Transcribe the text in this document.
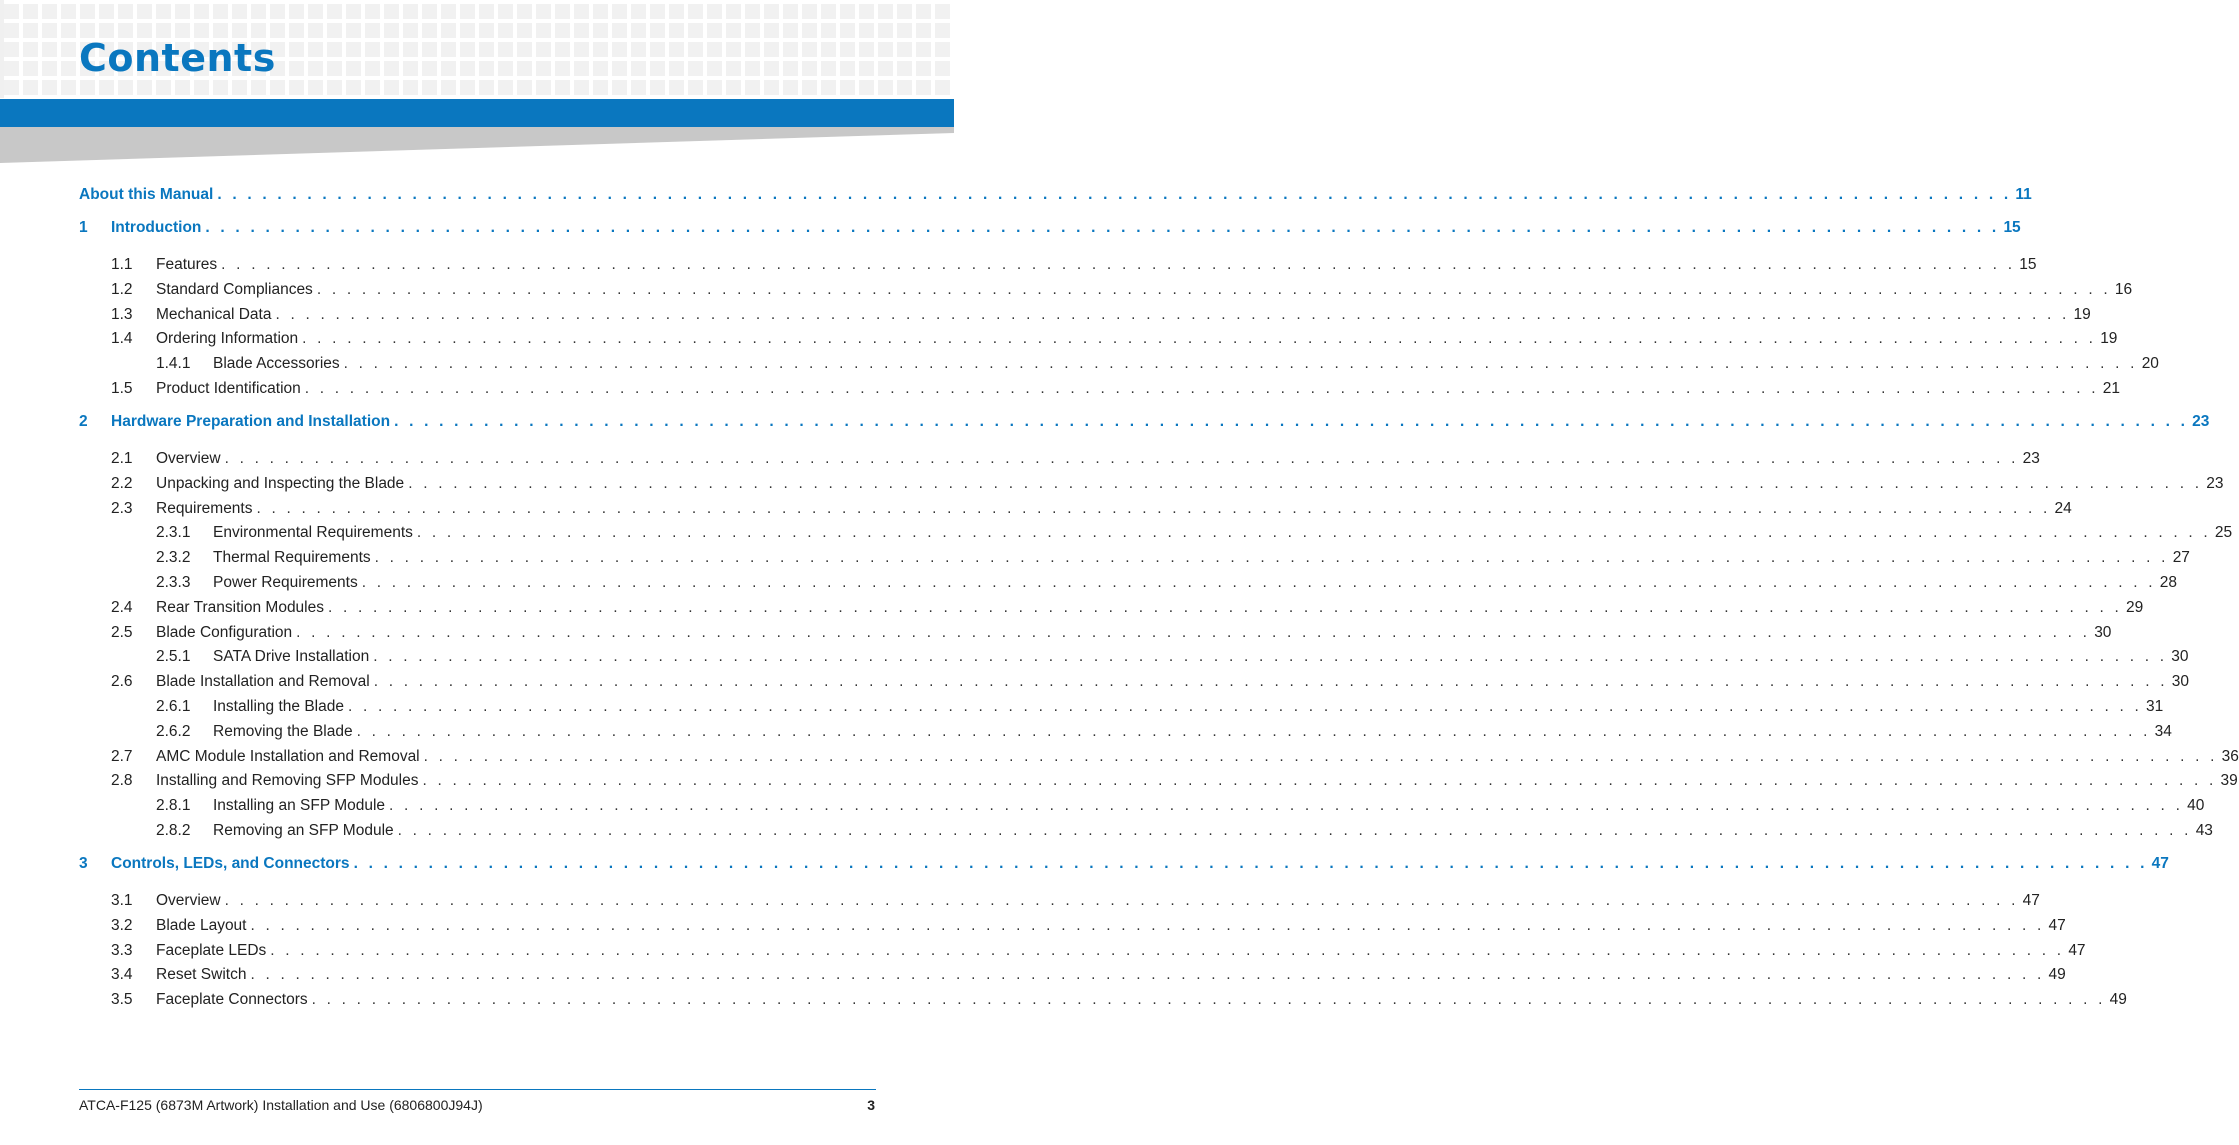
Contents
About this Manual . . . . . . . . . . . . . . . . . . . . . . . . . . . . . . . . . . . . . . . . . . . . . . . . . . . . . . . . . . . . . . . . . . . . . . . . . . . . . . . . . . . . . . . . . . . . . . . . . . . . . . . . . . . . . . . . . . . . . . . . 11
1 Introduction . . . . . . . . . . . . . . . . . . . . . . . . . . . . . . . . . . . . . . . . . . . . . . . . . . . . . . . . . . . . . . . . . . . . . . . . . . . . . . . . . . . . . . . . . . . . . . . . . . . . . . . . . . . . . . . . . . . . . . . . 15
1.1 Features . . . . . . . . . . . . . . . . . . . . . . . . . . . . . . . . . . . . . . . . . . . . . . . . . . . . . . . . . . . . . . . . . . . . . . . . . . . . . . . . . . . . . . . . . . . . . . . . . . . . . . . . . . . . . . . . . . . . . . . . 15
1.2 Standard Compliances . . . . . . . . . . . . . . . . . . . . . . . . . . . . . . . . . . . . . . . . . . . . . . . . . . . . . . . . . . . . . . . . . . . . . . . . . . . . . . . . . . . . . . . . . . . . . . . . . . . . . . . . . . . . . . . . . . . . . . . . 16
1.3 Mechanical Data . . . . . . . . . . . . . . . . . . . . . . . . . . . . . . . . . . . . . . . . . . . . . . . . . . . . . . . . . . . . . . . . . . . . . . . . . . . . . . . . . . . . . . . . . . . . . . . . . . . . . . . . . . . . . . . . . . . . . . . . 19
1.4 Ordering Information . . . . . . . . . . . . . . . . . . . . . . . . . . . . . . . . . . . . . . . . . . . . . . . . . . . . . . . . . . . . . . . . . . . . . . . . . . . . . . . . . . . . . . . . . . . . . . . . . . . . . . . . . . . . . . . . . . . . . . . . 19
1.4.1 Blade Accessories . . . . . . . . . . . . . . . . . . . . . . . . . . . . . . . . . . . . . . . . . . . . . . . . . . . . . . . . . . . . . . . . . . . . . . . . . . . . . . . . . . . . . . . . . . . . . . . . . . . . . . . . . . . . . . . . . . . . . . . . 20
1.5 Product Identification . . . . . . . . . . . . . . . . . . . . . . . . . . . . . . . . . . . . . . . . . . . . . . . . . . . . . . . . . . . . . . . . . . . . . . . . . . . . . . . . . . . . . . . . . . . . . . . . . . . . . . . . . . . . . . . . . . . . . . . . 21
2 Hardware Preparation and Installation . . . . . . . . . . . . . . . . . . . . . . . . . . . . . . . . . . . . . . . . . . . . . . . . . . . . . . . . . . . . . . . . . . . . . . . . . . . . . . . . . . . . . . . . . . . . . . . . . . . . . . . . . . . . . . . . . . . . . . . . 23
2.1 Overview . . . . . . . . . . . . . . . . . . . . . . . . . . . . . . . . . . . . . . . . . . . . . . . . . . . . . . . . . . . . . . . . . . . . . . . . . . . . . . . . . . . . . . . . . . . . . . . . . . . . . . . . . . . . . . . . . . . . . . . . 23
2.2 Unpacking and Inspecting the Blade . . . . . . . . . . . . . . . . . . . . . . . . . . . . . . . . . . . . . . . . . . . . . . . . . . . . . . . . . . . . . . . . . . . . . . . . . . . . . . . . . . . . . . . . . . . . . . . . . . . . . . . . . . . . . . . . . . . . . . . . 23
2.3 Requirements . . . . . . . . . . . . . . . . . . . . . . . . . . . . . . . . . . . . . . . . . . . . . . . . . . . . . . . . . . . . . . . . . . . . . . . . . . . . . . . . . . . . . . . . . . . . . . . . . . . . . . . . . . . . . . . . . . . . . . . . 24
2.3.1 Environmental Requirements . . . . . . . . . . . . . . . . . . . . . . . . . . . . . . . . . . . . . . . . . . . . . . . . . . . . . . . . . . . . . . . . . . . . . . . . . . . . . . . . . . . . . . . . . . . . . . . . . . . . . . . . . . . . . . . . . . . . . . . . 25
2.3.2 Thermal Requirements . . . . . . . . . . . . . . . . . . . . . . . . . . . . . . . . . . . . . . . . . . . . . . . . . . . . . . . . . . . . . . . . . . . . . . . . . . . . . . . . . . . . . . . . . . . . . . . . . . . . . . . . . . . . . . . . . . . . . . . . 27
2.3.3 Power Requirements . . . . . . . . . . . . . . . . . . . . . . . . . . . . . . . . . . . . . . . . . . . . . . . . . . . . . . . . . . . . . . . . . . . . . . . . . . . . . . . . . . . . . . . . . . . . . . . . . . . . . . . . . . . . . . . . . . . . . . . . 28
2.4 Rear Transition Modules . . . . . . . . . . . . . . . . . . . . . . . . . . . . . . . . . . . . . . . . . . . . . . . . . . . . . . . . . . . . . . . . . . . . . . . . . . . . . . . . . . . . . . . . . . . . . . . . . . . . . . . . . . . . . . . . . . . . . . . . 29
2.5 Blade Configuration . . . . . . . . . . . . . . . . . . . . . . . . . . . . . . . . . . . . . . . . . . . . . . . . . . . . . . . . . . . . . . . . . . . . . . . . . . . . . . . . . . . . . . . . . . . . . . . . . . . . . . . . . . . . . . . . . . . . . . . . 30
2.5.1 SATA Drive Installation . . . . . . . . . . . . . . . . . . . . . . . . . . . . . . . . . . . . . . . . . . . . . . . . . . . . . . . . . . . . . . . . . . . . . . . . . . . . . . . . . . . . . . . . . . . . . . . . . . . . . . . . . . . . . . . . . . . . . . . . 30
2.6 Blade Installation and Removal . . . . . . . . . . . . . . . . . . . . . . . . . . . . . . . . . . . . . . . . . . . . . . . . . . . . . . . . . . . . . . . . . . . . . . . . . . . . . . . . . . . . . . . . . . . . . . . . . . . . . . . . . . . . . . . . . . . . . . . . 30
2.6.1 Installing the Blade . . . . . . . . . . . . . . . . . . . . . . . . . . . . . . . . . . . . . . . . . . . . . . . . . . . . . . . . . . . . . . . . . . . . . . . . . . . . . . . . . . . . . . . . . . . . . . . . . . . . . . . . . . . . . . . . . . . . . . . . 31
2.6.2 Removing the Blade . . . . . . . . . . . . . . . . . . . . . . . . . . . . . . . . . . . . . . . . . . . . . . . . . . . . . . . . . . . . . . . . . . . . . . . . . . . . . . . . . . . . . . . . . . . . . . . . . . . . . . . . . . . . . . . . . . . . . . . . 34
2.7 AMC Module Installation and Removal . . . . . . . . . . . . . . . . . . . . . . . . . . . . . . . . . . . . . . . . . . . . . . . . . . . . . . . . . . . . . . . . . . . . . . . . . . . . . . . . . . . . . . . . . . . . . . . . . . . . . . . . . . . . . . . . . . . . . . . . 36
2.8 Installing and Removing SFP Modules . . . . . . . . . . . . . . . . . . . . . . . . . . . . . . . . . . . . . . . . . . . . . . . . . . . . . . . . . . . . . . . . . . . . . . . . . . . . . . . . . . . . . . . . . . . . . . . . . . . . . . . . . . . . . . . . . . . . . . . . 39
2.8.1 Installing an SFP Module . . . . . . . . . . . . . . . . . . . . . . . . . . . . . . . . . . . . . . . . . . . . . . . . . . . . . . . . . . . . . . . . . . . . . . . . . . . . . . . . . . . . . . . . . . . . . . . . . . . . . . . . . . . . . . . . . . . . . . . . 40
2.8.2 Removing an SFP Module . . . . . . . . . . . . . . . . . . . . . . . . . . . . . . . . . . . . . . . . . . . . . . . . . . . . . . . . . . . . . . . . . . . . . . . . . . . . . . . . . . . . . . . . . . . . . . . . . . . . . . . . . . . . . . . . . . . . . . . . 43
3 Controls, LEDs, and Connectors . . . . . . . . . . . . . . . . . . . . . . . . . . . . . . . . . . . . . . . . . . . . . . . . . . . . . . . . . . . . . . . . . . . . . . . . . . . . . . . . . . . . . . . . . . . . . . . . . . . . . . . . . . . . . . . . . . . . . . . . 47
3.1 Overview . . . . . . . . . . . . . . . . . . . . . . . . . . . . . . . . . . . . . . . . . . . . . . . . . . . . . . . . . . . . . . . . . . . . . . . . . . . . . . . . . . . . . . . . . . . . . . . . . . . . . . . . . . . . . . . . . . . . . . . . 47
3.2 Blade Layout . . . . . . . . . . . . . . . . . . . . . . . . . . . . . . . . . . . . . . . . . . . . . . . . . . . . . . . . . . . . . . . . . . . . . . . . . . . . . . . . . . . . . . . . . . . . . . . . . . . . . . . . . . . . . . . . . . . . . . . . 47
3.3 Faceplate LEDs . . . . . . . . . . . . . . . . . . . . . . . . . . . . . . . . . . . . . . . . . . . . . . . . . . . . . . . . . . . . . . . . . . . . . . . . . . . . . . . . . . . . . . . . . . . . . . . . . . . . . . . . . . . . . . . . . . . . . . . . 47
3.4 Reset Switch . . . . . . . . . . . . . . . . . . . . . . . . . . . . . . . . . . . . . . . . . . . . . . . . . . . . . . . . . . . . . . . . . . . . . . . . . . . . . . . . . . . . . . . . . . . . . . . . . . . . . . . . . . . . . . . . . . . . . . . . 49
3.5 Faceplate Connectors . . . . . . . . . . . . . . . . . . . . . . . . . . . . . . . . . . . . . . . . . . . . . . . . . . . . . . . . . . . . . . . . . . . . . . . . . . . . . . . . . . . . . . . . . . . . . . . . . . . . . . . . . . . . . . . . . . . . . . . . 49
ATCA-F125 (6873M Artwork) Installation and Use (6806800J94J)	3
